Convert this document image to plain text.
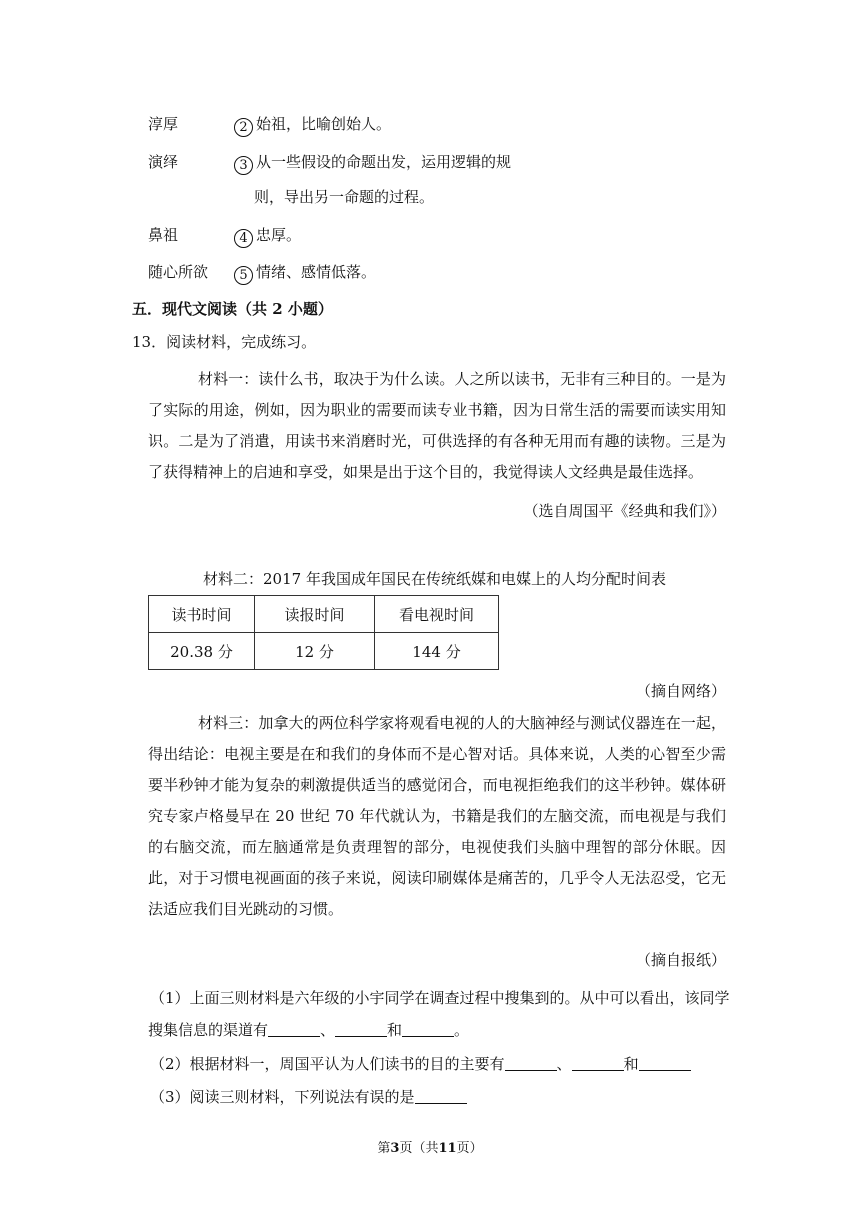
淳厚	2 始祖，比喻创始人。
演绎	3 从一些假设的命题出发，运用逻辑的规
则，导出另一命题的过程。
鼻祖	4 忠厚。
随心所欲	5 情绪、感情低落。
五．现代文阅读（共 2 小题）
13．阅读材料，完成练习。
材料一：读什么书，取决于为什么读。人之所以读书，无非有三种目的。一是为了实际的用途，例如，因为职业的需要而读专业书籍，因为日常生活的需要而读实用知识。二是为了消遣，用读书来消磨时光，可供选择的有各种无用而有趣的读物。三是为了获得精神上的启迪和享受，如果是出于这个目的，我觉得读人文经典是最佳选择。
（选自周国平《经典和我们》）
材料二：2017 年我国成年国民在传统纸媒和电媒上的人均分配时间表
读书时间	读报时间	看电视时间
20.38 分	12 分	144 分
（摘自网络）
材料三：加拿大的两位科学家将观看电视的人的大脑神经与测试仪器连在一起，得出结论：电视主要是在和我们的身体而不是心智对话。具体来说，人类的心智至少需要半秒钟才能为复杂的刺激提供适当的感觉闭合，而电视拒绝我们的这半秒钟。媒体研究专家卢格曼早在 20 世纪 70 年代就认为，书籍是我们的左脑交流，而电视是与我们的右脑交流，而左脑通常是负责理智的部分，电视使我们头脑中理智的部分休眠。因此，对于习惯电视画面的孩子来说，阅读印刷媒体是痛苦的，几乎令人无法忍受，它无法适应我们目光跳动的习惯。
（摘自报纸）
（1）上面三则材料是六年级的小宇同学在调查过程中搜集到的。从中可以看出，该同学
搜集信息的渠道有	、	和	。
（2）根据材料一，周国平认为人们读书的目的主要有	、	和
（3）阅读三则材料，下列说法有误的是
第3页（共11页）
